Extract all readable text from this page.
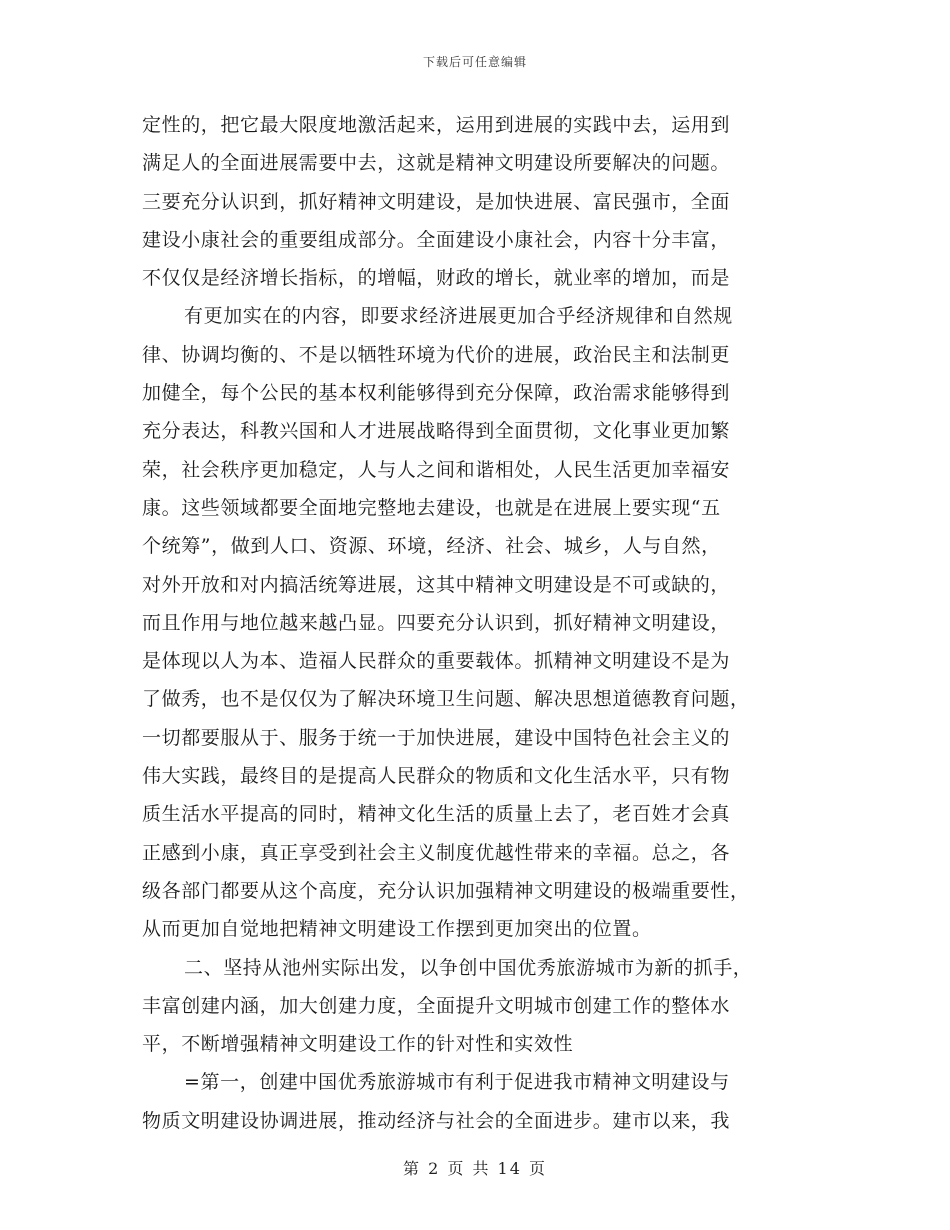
下载后可任意编辑
定性的，把它最大限度地激活起来，运用到进展的实践中去，运用到
满足人的全面进展需要中去，这就是精神文明建设所要解决的问题。
三要充分认识到，抓好精神文明建设，是加快进展、富民强市，全面
建设小康社会的重要组成部分。全面建设小康社会，内容十分丰富，
不仅仅是经济增长指标，的增幅，财政的增长，就业率的增加，而是
有更加实在的内容，即要求经济进展更加合乎经济规律和自然规
律、协调均衡的、不是以牺牲环境为代价的进展，政治民主和法制更
加健全，每个公民的基本权利能够得到充分保障，政治需求能够得到
充分表达，科教兴国和人才进展战略得到全面贯彻，文化事业更加繁
荣，社会秩序更加稳定，人与人之间和谐相处，人民生活更加幸福安
康。这些领域都要全面地完整地去建设，也就是在进展上要实现“五
个统筹”，做到人口、资源、环境，经济、社会、城乡，人与自然，
对外开放和对内搞活统筹进展，这其中精神文明建设是不可或缺的，
而且作用与地位越来越凸显。四要充分认识到，抓好精神文明建设，
是体现以人为本、造福人民群众的重要载体。抓精神文明建设不是为
了做秀，也不是仅仅为了解决环境卫生问题、解决思想道德教育问题，
一切都要服从于、服务于统一于加快进展，建设中国特色社会主义的
伟大实践，最终目的是提高人民群众的物质和文化生活水平，只有物
质生活水平提高的同时，精神文化生活的质量上去了，老百姓才会真
正感到小康，真正享受到社会主义制度优越性带来的幸福。总之，各
级各部门都要从这个高度，充分认识加强精神文明建设的极端重要性，
从而更加自觉地把精神文明建设工作摆到更加突出的位置。
二、坚持从池州实际出发，以争创中国优秀旅游城市为新的抓手，
丰富创建内涵，加大创建力度，全面提升文明城市创建工作的整体水
平，不断增强精神文明建设工作的针对性和实效性
=第一，创建中国优秀旅游城市有利于促进我市精神文明建设与
物质文明建设协调进展，推动经济与社会的全面进步。建市以来，我
第 2 页 共 14 页
